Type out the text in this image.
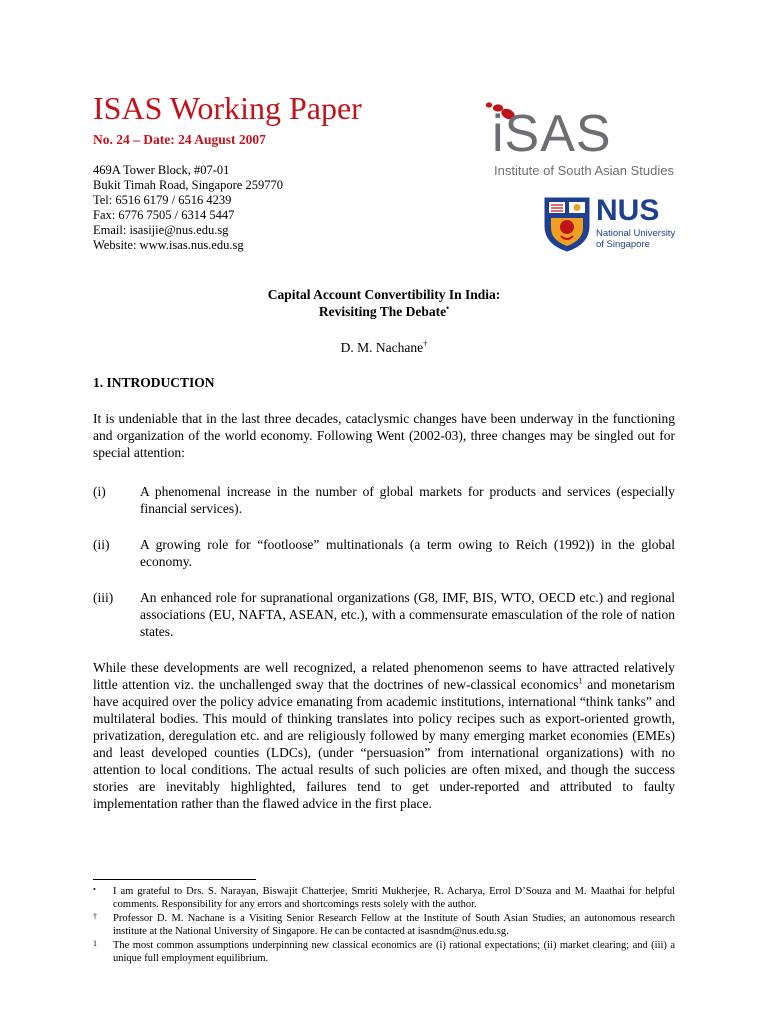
ISAS Working Paper
No. 24 – Date: 24 August 2007
469A Tower Block, #07-01
Bukit Timah Road, Singapore 259770
Tel: 6516 6179 / 6516 4239
Fax: 6776 7505 / 6314 5447
Email: isasijie@nus.edu.sg
Website: www.isas.nus.edu.sg
iSAS
Institute of South Asian Studies
NUS
National University
of Singapore
Capital Account Convertibility In India:
Revisiting The Debate•
D. M. Nachane†
1. INTRODUCTION
It is undeniable that in the last three decades, cataclysmic changes have been underway in the functioning and organization of the world economy. Following Went (2002-03), three changes may be singled out for special attention:
(i)	A phenomenal increase in the number of global markets for products and services (especially financial services).
(ii) A growing role for “footloose” multinationals (a term owing to Reich (1992)) in the global economy.
(iii) An enhanced role for supranational organizations (G8, IMF, BIS, WTO, OECD etc.) and regional associations (EU, NAFTA, ASEAN, etc.), with a commensurate emasculation of the role of nation states.
While these developments are well recognized, a related phenomenon seems to have attracted relatively little attention viz. the unchallenged sway that the doctrines of new-classical economics$^1$ and monetarism have acquired over the policy advice emanating from academic institutions, international “think tanks” and multilateral bodies. This mould of thinking translates into policy recipes such as export-oriented growth, privatization, deregulation etc. and are religiously followed by many emerging market economies (EMEs) and least developed counties (LDCs), (under “persuasion” from international organizations) with no attention to local conditions. The actual results of such policies are often mixed, and though the success stories are inevitably highlighted, failures tend to get under-reported and attributed to faulty implementation rather than the flawed advice in the first place.
• I am grateful to Drs. S. Narayan, Biswajit Chatterjee, Smriti Mukherjee, R. Acharya, Errol D’Souza and M. Maathai for helpful comments. Responsibility for any errors and shortcomings rests solely with the author.
† Professor D. M. Nachane is a Visiting Senior Research Fellow at the Institute of South Asian Studies, an autonomous research institute at the National University of Singapore. He can be contacted at isasndm@nus.edu.sg.
1 The most common assumptions underpinning new classical economics are (i) rational expectations; (ii) market clearing; and (iii) a unique full employment equilibrium.
